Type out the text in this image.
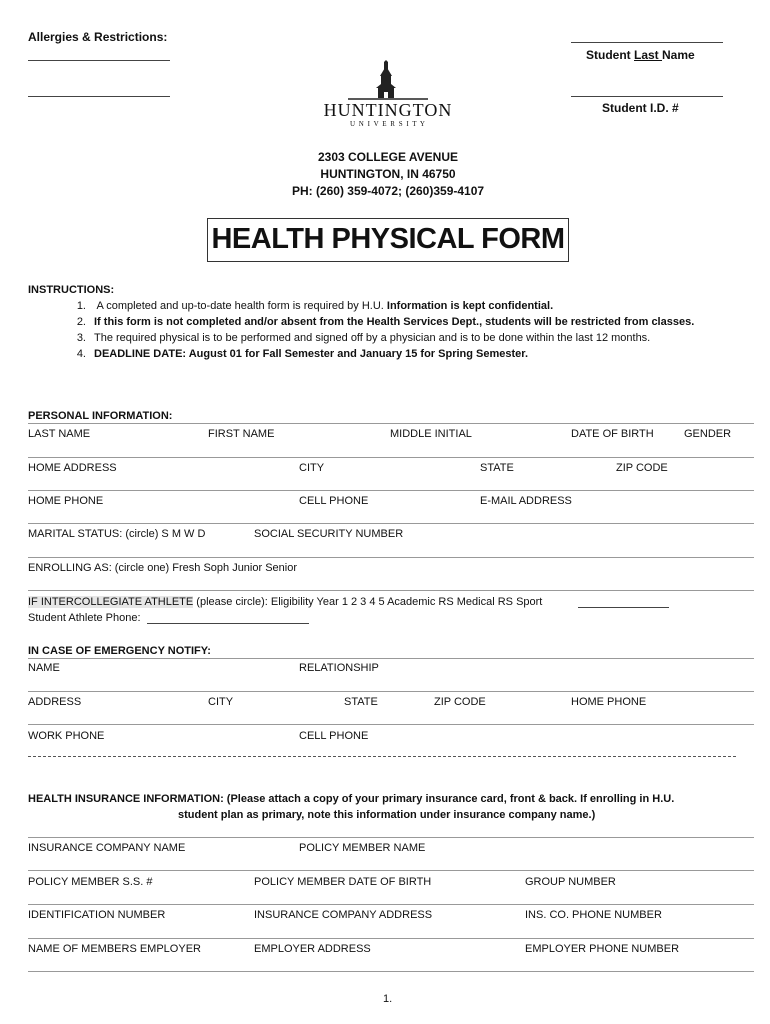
Allergies & Restrictions:
Student Last Name
Student I.D. #
HUNTINGTON
U N I V E R S I T Y
2303 COLLEGE AVENUE
HUNTINGTON, IN 46750
PH: (260) 359-4072; (260)359-4107
HEALTH PHYSICAL FORM
INSTRUCTIONS:
1. A completed and up-to-date health form is required by H.U. Information is kept confidential.
2. If this form is not completed and/or absent from the Health Services Dept., students will be restricted from classes.
3. The required physical is to be performed and signed off by a physician and is to be done within the last 12 months.
4. DEADLINE DATE: August 01 for Fall Semester and January 15 for Spring Semester.
PERSONAL INFORMATION:
LAST NAME	FIRST NAME	MIDDLE INITIAL	DATE OF BIRTH	GENDER
HOME ADDRESS	CITY	STATE	ZIP CODE
HOME PHONE	CELL PHONE	E-MAIL ADDRESS
MARITAL STATUS: (circle) S M W D	SOCIAL SECURITY NUMBER
ENROLLING AS: (circle one) Fresh Soph Junior Senior
IF INTERCOLLEGIATE ATHLETE (please circle): Eligibility Year 1 2 3 4 5 Academic RS Medical RS Sport
Student Athlete Phone:
IN CASE OF EMERGENCY NOTIFY:
NAME	RELATIONSHIP
ADDRESS	CITY	STATE	ZIP CODE	HOME PHONE
WORK PHONE	CELL PHONE
HEALTH INSURANCE INFORMATION: (Please attach a copy of your primary insurance card, front & back. If enrolling in H.U.
student plan as primary, note this information under insurance company name.)
INSURANCE COMPANY NAME	POLICY MEMBER NAME
POLICY MEMBER S.S. #	POLICY MEMBER DATE OF BIRTH	GROUP NUMBER
IDENTIFICATION NUMBER	INSURANCE COMPANY ADDRESS	INS. CO. PHONE NUMBER
NAME OF MEMBERS EMPLOYER	EMPLOYER ADDRESS	EMPLOYER PHONE NUMBER
1.
